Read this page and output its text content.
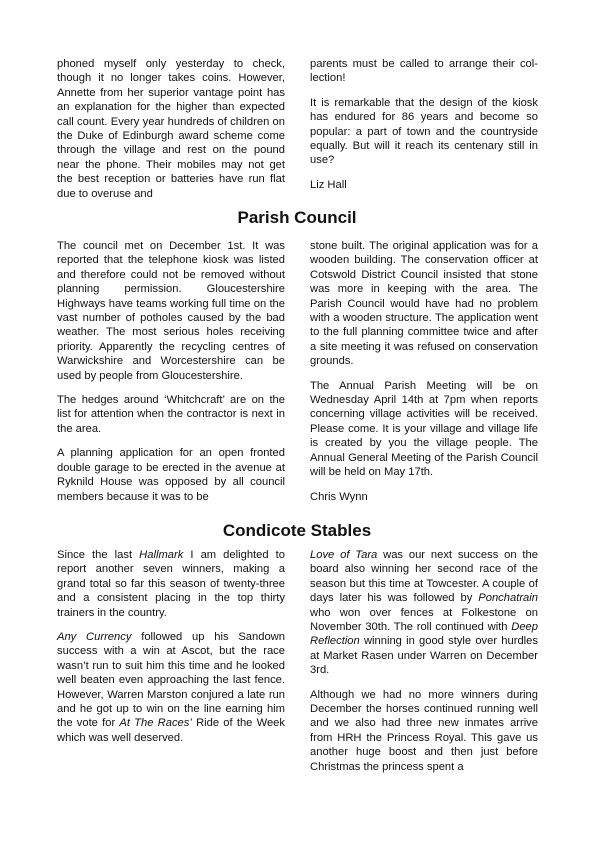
phoned myself only yesterday to check, though it no longer takes coins. However, Annette from her superior vantage point has an explanation for the higher than expected call count. Every year hundreds of children on the Duke of Edinburgh award scheme come through the village and rest on the pound near the phone. Their mobiles may not get the best reception or batteries have run flat due to overuse and

parents must be called to arrange their collection!

It is remarkable that the design of the kiosk has endured for 86 years and become so popular: a part of town and the countryside equally. But will it reach its centenary still in use?

Liz Hall

Parish Council

The council met on December 1st. It was reported that the telephone kiosk was listed and therefore could not be removed without planning permission. Gloucestershire Highways have teams working full time on the vast number of potholes caused by the bad weather. The most serious holes receiving priority. Apparently the recycling centres of Warwickshire and Worcestershire can be used by people from Gloucestershire.

The hedges around ‘Whitchcraft’ are on the list for attention when the contractor is next in the area.

A planning application for an open fronted double garage to be erected in the avenue at Ryknild House was opposed by all council members because it was to be

stone built. The original application was for a wooden building. The conservation officer at Cotswold District Council insisted that stone was more in keeping with the area. The Parish Council would have had no problem with a wooden structure. The application went to the full planning committee twice and after a site meeting it was refused on conservation grounds.

The Annual Parish Meeting will be on Wednesday April 14th at 7pm when reports concerning village activities will be received. Please come. It is your village and village life is created by you the village people. The Annual General Meeting of the Parish Council will be held on May 17th.

Chris Wynn

Condicote Stables

Since the last Hallmark I am delighted to report another seven winners, making a grand total so far this season of twenty-three and a consistent placing in the top thirty trainers in the country.

Any Currency followed up his Sandown success with a win at Ascot, but the race wasn’t run to suit him this time and he looked well beaten even approaching the last fence. However, Warren Marston conjured a late run and he got up to win on the line earning him the vote for At The Races’ Ride of the Week which was well deserved.

Love of Tara was our next success on the board also winning her second race of the season but this time at Towcester. A couple of days later his was followed by Ponchatrain who won over fences at Folkestone on November 30th. The roll continued with Deep Reflection winning in good style over hurdles at Market Rasen under Warren on December 3rd.

Although we had no more winners during December the horses continued running well and we also had three new inmates arrive from HRH the Princess Royal. This gave us another huge boost and then just before Christmas the princess spent a
